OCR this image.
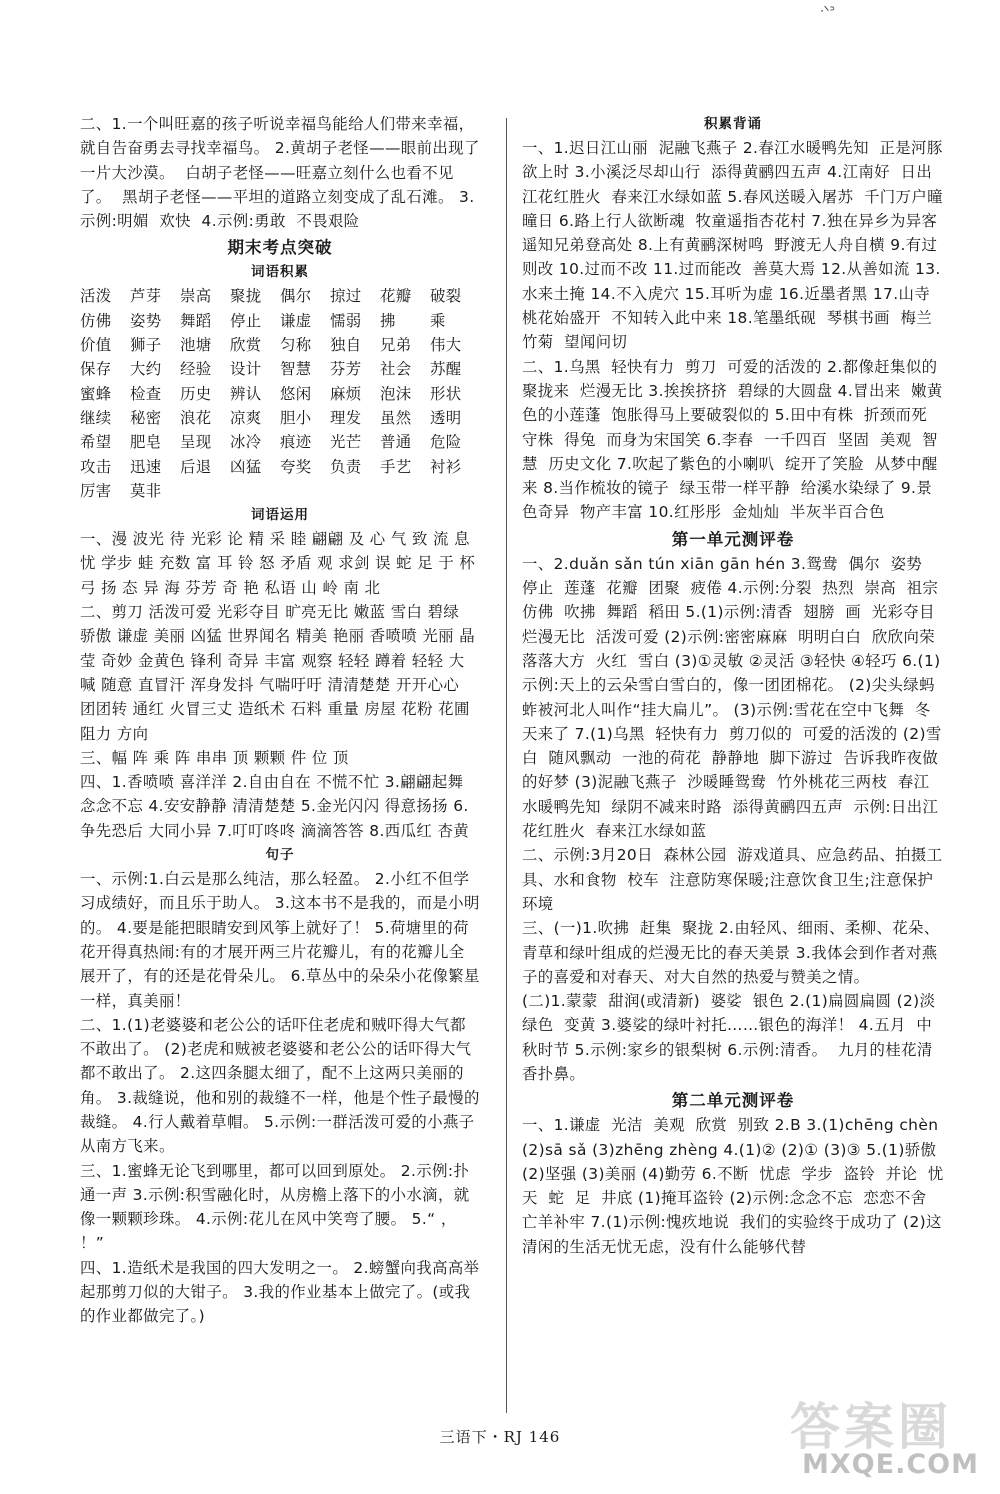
ᐧᐠᐣ

二、1.一个叫旺嘉的孩子听说幸福鸟能给人们带来幸福，就自告奋勇去寻找幸福鸟。 2.黄胡子老怪——眼前出现了一片大沙漠。  白胡子老怪——旺嘉立刻什么也看不见了。  黑胡子老怪——平坦的道路立刻变成了乱石滩。 3.示例:明媚  欢快  4.示例:勇敢  不畏艰险

期末考点突破
词语积累
活泼	芦芽	崇高	聚拢	偶尔	掠过	花瓣	破裂
仿佛	姿势	舞蹈	停止	谦虚	懦弱	拂	乘
价值	狮子	池塘	欣赏	匀称	独自	兄弟	伟大
保存	大约	经验	设计	智慧	芬芳	社会	苏醒
蜜蜂	检查	历史	辨认	悠闲	麻烦	泡沫	形状
继续	秘密	浪花	凉爽	胆小	理发	虽然	透明
希望	肥皂	呈现	冰冷	痕迹	光芒	普通	危险
攻击	迅速	后退	凶猛	夸奖	负责	手艺	衬衫
厉害	莫非
词语运用

一、漫 波光 待 光彩 论 精 采 睦 翩翩 及 心 气 致 流 息 忧 学步 蛙 充数 富 耳 铃 怒 矛盾 观 求剑 误 蛇 足 于 杯弓 扬 态 异 海 芬芳 奇 艳 私语 山 岭 南 北

二、剪刀 活泼可爱 光彩夺目 旷亮无比 嫩蓝 雪白 碧绿 骄傲 谦虚 美丽 凶猛 世界闻名 精美 艳丽 香喷喷 光丽 晶莹 奇妙 金黄色 锋利 奇异 丰富 观察 轻轻 蹲着 轻轻 大喊 随意 直冒汗 浑身发抖 气喘吁吁 清清楚楚 开开心心 团团转 通红 火冒三丈 造纸术 石料 重量 房屋 花粉 花圃 阻力 方向

三、幅 阵 乘 阵 串串 顶 颗颗 件 位 顶

四、1.香喷喷 喜洋洋 2.自由自在 不慌不忙 3.翩翩起舞 念念不忘 4.安安静静 清清楚楚 5.金光闪闪 得意扬扬 6.争先恐后 大同小异 7.叮叮咚咚 滴滴答答 8.西瓜红 杏黄

句子

一、示例:1.白云是那么纯洁，那么轻盈。 2.小红不但学习成绩好，而且乐于助人。 3.这本书不是我的，而是小明的。 4.要是能把眼睛安到风筝上就好了！ 5.荷塘里的荷花开得真热闹:有的才展开两三片花瓣儿，有的花瓣儿全展开了，有的还是花骨朵儿。 6.草丛中的朵朵小花像繁星一样，真美丽！

二、1.(1)老婆婆和老公公的话吓住老虎和贼吓得大气都不敢出了。 (2)老虎和贼被老婆婆和老公公的话吓得大气都不敢出了。 2.这四条腿太细了，配不上这两只美丽的角。 3.裁缝说，他和别的裁缝不一样，他是个性子最慢的裁缝。 4.行人戴着草帽。 5.示例:一群活泼可爱的小燕子从南方飞来。

三、1.蜜蜂无论飞到哪里，都可以回到原处。 2.示例:扑通一声 3.示例:积雪融化时，从房檐上落下的小水滴，就像一颗颗珍珠。 4.示例:花儿在风中笑弯了腰。 5.“ ， ！”

四、1.造纸术是我国的四大发明之一。 2.螃蟹向我高高举起那剪刀似的大钳子。 3.我的作业基本上做完了。(或我的作业都做完了。)

积累背诵

一、1.迟日江山丽  泥融飞燕子 2.春江水暖鸭先知  正是河豚欲上时 3.小溪泛尽却山行  添得黄鹂四五声 4.江南好  日出江花红胜火  春来江水绿如蓝 5.春风送暖入屠苏  千门万户曈曈日 6.路上行人欲断魂  牧童遥指杏花村 7.独在异乡为异客  遥知兄弟登高处 8.上有黄鹂深树鸣  野渡无人舟自横 9.有过则改 10.过而不改 11.过而能改  善莫大焉 12.从善如流 13.水来土掩 14.不入虎穴 15.耳听为虚 16.近墨者黑 17.山寺桃花始盛开  不知转入此中来 18.笔墨纸砚  琴棋书画  梅兰竹菊  望闻问切

二、1.乌黑  轻快有力  剪刀  可爱的活泼的 2.都像赶集似的聚拢来  烂漫无比 3.挨挨挤挤  碧绿的大圆盘 4.冒出来  嫩黄色的小莲蓬  饱胀得马上要破裂似的 5.田中有株  折颈而死  守株  得兔  而身为宋国笑 6.李春  一千四百  坚固  美观  智慧  历史文化 7.吹起了紫色的小喇叭  绽开了笑脸  从梦中醒来 8.当作梳妆的镜子  绿玉带一样平静  给溪水染绿了 9.景色奇异  物产丰富 10.红彤彤  金灿灿  半灰半百合色

第一单元测评卷

一、2.duǎn sǎn tún xiān gān hén 3.鸳鸯  偶尔  姿势  停止  莲蓬  花瓣  团聚  疲倦 4.示例:分裂  热烈  崇高  祖宗  仿佛  吹拂  舞蹈  稻田 5.(1)示例:清香  翅膀  画  光彩夺目  烂漫无比  活泼可爱 (2)示例:密密麻麻  明明白白  欣欣向荣  落落大方  火红  雪白 (3)①灵敏 ②灵活 ③轻快 ④轻巧 6.(1)示例:天上的云朵雪白雪白的，像一团团棉花。 (2)尖头绿蚂蚱被河北人叫作“挂大扁儿”。 (3)示例:雪花在空中飞舞  冬天来了 7.(1)乌黑  轻快有力  剪刀似的  可爱的活泼的 (2)雪白  随风飘动  一池的荷花  静静地  脚下游过  告诉我昨夜做的好梦 (3)泥融飞燕子  沙暖睡鸳鸯  竹外桃花三两枝  春江水暖鸭先知  绿阴不减来时路  添得黄鹂四五声  示例:日出江花红胜火  春来江水绿如蓝

二、示例:3月20日  森林公园  游戏道具、应急药品、拍摄工具、水和食物  校车  注意防寒保暖;注意饮食卫生;注意保护环境

三、(一)1.吹拂  赶集  聚拢 2.由轻风、细雨、柔柳、花朵、青草和绿叶组成的烂漫无比的春天美景 3.我体会到作者对燕子的喜爱和对春天、对大自然的热爱与赞美之情。

(二)1.蒙蒙  甜润(或清新)  婆娑  银色 2.(1)扁圆扁圆 (2)淡绿色  变黄 3.婆娑的绿叶衬托……银色的海洋！ 4.五月  中秋时节 5.示例:家乡的银梨树 6.示例:清香。  九月的桂花清香扑鼻。

第二单元测评卷

一、1.谦虚  光洁  美观  欣赏  别致 2.B 3.(1)chēng chèn (2)sā sǎ (3)zhēng zhèng 4.(1)② (2)① (3)③ 5.(1)骄傲 (2)坚强 (3)美丽 (4)勤劳 6.不断  忧虑  学步  盗铃  并论  忧天  蛇  足  井底 (1)掩耳盗铃 (2)示例:念念不忘  恋恋不舍  亡羊补牢 7.(1)示例:愧疚地说  我们的实验终于成功了 (2)这清闲的生活无忧无虑，没有什么能够代替

三语下・RJ 146	答案圈
MXQE.COM
